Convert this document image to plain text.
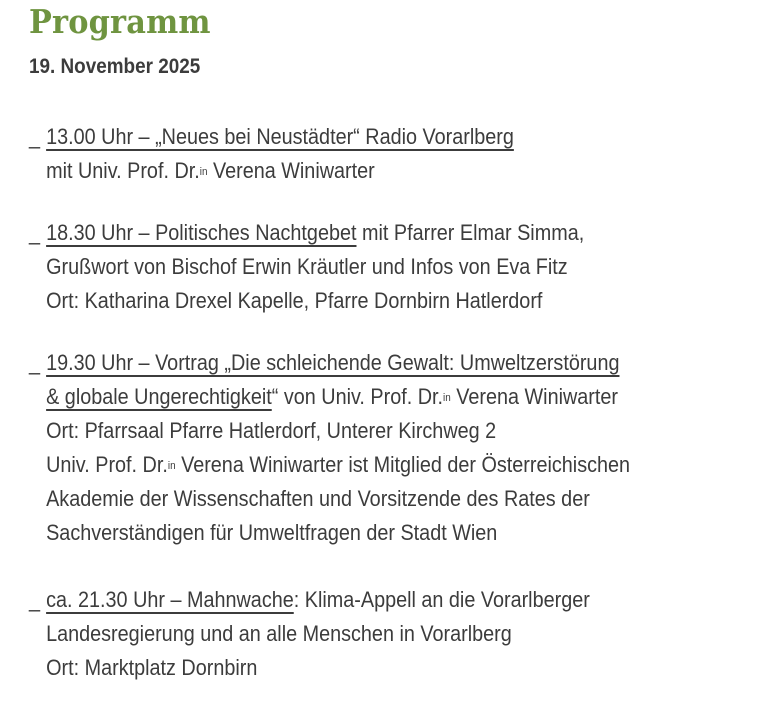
Programm
19. November 2025
_ 13.00 Uhr – „Neues bei Neustädter“ Radio Vorarlberg
mit Univ. Prof. Dr.$^{in}$ Verena Winiwarter
_ 18.30 Uhr – Politisches Nachtgebet mit Pfarrer Elmar Simma,
Grußwort von Bischof Erwin Kräutler und Infos von Eva Fitz
Ort: Katharina Drexel Kapelle, Pfarre Dornbirn Hatlerdorf
_ 19.30 Uhr – Vortrag „Die schleichende Gewalt: Umweltzerstörung
& globale Ungerechtigkeit“ von Univ. Prof. Dr.$^{in}$ Verena Winiwarter
Ort: Pfarrsaal Pfarre Hatlerdorf, Unterer Kirchweg 2
Univ. Prof. Dr.$^{in}$ Verena Winiwarter ist Mitglied der Österreichischen
Akademie der Wissenschaften und Vorsitzende des Rates der
Sachverständigen für Umweltfragen der Stadt Wien
_ ca. 21.30 Uhr – Mahnwache: Klima-Appell an die Vorarlberger
Landesregierung und an alle Menschen in Vorarlberg
Ort: Marktplatz Dornbirn
